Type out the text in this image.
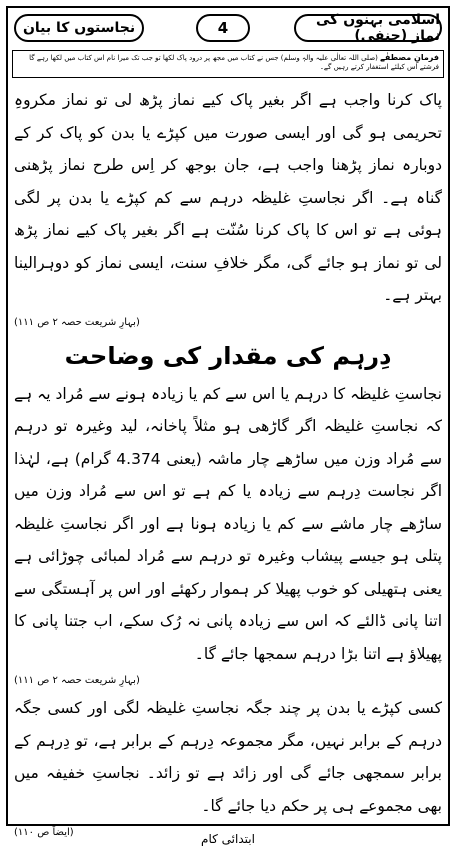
اسلامی بہنوں کی نماز (حنفی)
4
نجاستوں کا بیان
فرمانِ مصطفٰے (صلی اللہ تعالٰی علیہ والہٖ وسلم) جس نے کتاب میں مجھ پر درود پاک لکھا تو جب تک میرا نام اس کتاب میں لکھا رہے گا فرشتے اس کیلئے استغفار کرتے رہیں گے۔

پاک کرنا واجب ہے اگر بغیر پاک کیے نماز پڑھ لی تو نماز مکروہِ تحریمی ہو گی اور ایسی صورت میں کپڑے یا بدن کو پاک کر کے دوبارہ نماز پڑھنا واجب ہے، جان بوجھ کر اِس طرح نماز پڑھنی گناہ ہے۔ اگر نجاستِ غلیظہ درہم سے کم کپڑے یا بدن پر لگی ہوئی ہے تو اس کا پاک کرنا سُنّت ہے اگر بغیر پاک کیے نماز پڑھ لی تو نماز ہو جائے گی، مگر خلافِ سنت، ایسی نماز کو دوہرالینا بہتر ہے۔

(بہارِ شریعت حصہ ۲ ص ۱۱۱)

دِرہم کی مقدار کی وضاحت

نجاستِ غلیظہ کا درہم یا اس سے کم یا زیادہ ہونے سے مُراد یہ ہے کہ نجاستِ غلیظہ اگر گاڑھی ہو مثلاً پاخانہ، لید وغیرہ تو درہم سے مُراد وزن میں ساڑھے چار ماشہ (یعنی 4.374 گرام) ہے، لہٰذا اگر نجاست دِرہم سے زیادہ یا کم ہے تو اس سے مُراد وزن میں ساڑھے چار ماشے سے کم یا زیادہ ہونا ہے اور اگر نجاستِ غلیظہ پتلی ہو جیسے پیشاب وغیرہ تو درہم سے مُراد لمبائی چوڑائی ہے یعنی ہتھیلی کو خوب پھیلا کر ہموار رکھئے اور اس پر آہستگی سے اتنا پانی ڈالئے کہ اس سے زیادہ پانی نہ رُک سکے، اب جتنا پانی کا پھیلاؤ ہے اتنا بڑا درہم سمجھا جائے گا۔

(بہارِ شریعت حصہ ۲ ص ۱۱۱)

کسی کپڑے یا بدن پر چند جگہ نجاستِ غلیظہ لگی اور کسی جگہ درہم کے برابر نہیں، مگر مجموعہ دِرہم کے برابر ہے، تو دِرہم کے برابر سمجھی جائے گی اور زائد ہے تو زائد۔ نجاستِ خفیفہ میں بھی مجموعے ہی پر حکم دیا جائے گا۔

(ایضاً ص ۱۱۰)	ابتدائی کام
